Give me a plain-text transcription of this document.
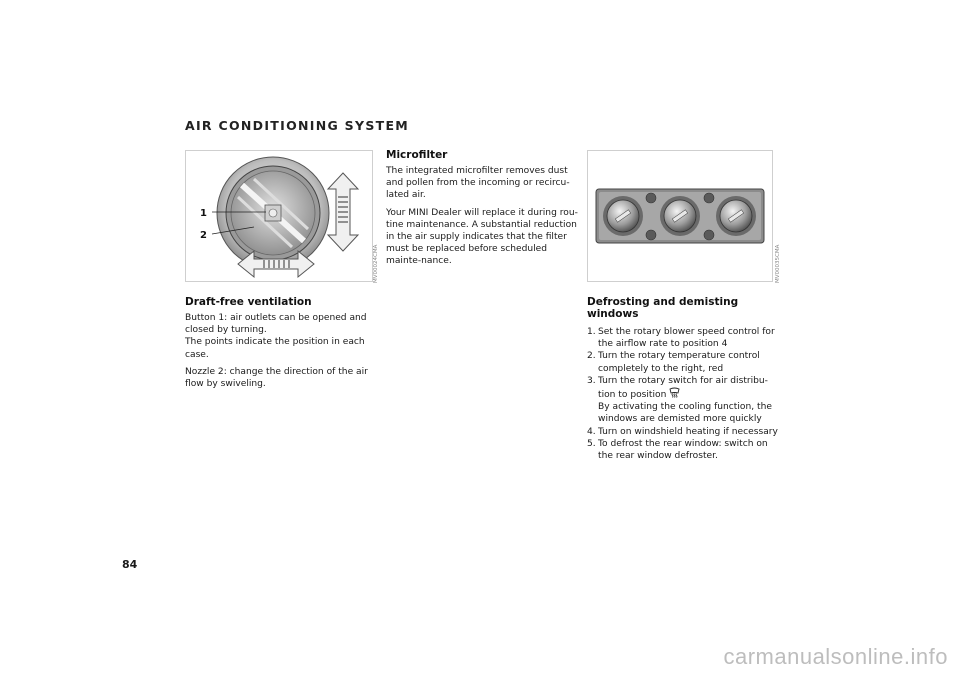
AIR CONDITIONING SYSTEM
1
2
MV00024CMA	MV00035CMA
Draft-free ventilation

Button 1: air outlets can be opened and closed by turning.

The points indicate the position in each case.

Nozzle 2: change the direction of the air flow by swiveling.

Microfilter

The integrated microfilter removes dust and pollen from the incoming or recircu-lated air.

Your MINI Dealer will replace it during rou-tine maintenance. A substantial reduction in the air supply indicates that the filter must be replaced before scheduled mainte-nance.

Defrosting and demisting windows
1. Set the rotary blower speed control for the airflow rate to position 4
2. Turn the rotary temperature control completely to the right, red
3. Turn the rotary switch for air distribu-tion to position
By activating the cooling function, the windows are demisted more quickly
4. Turn on windshield heating if necessary
5. To defrost the rear window: switch on the rear window defroster.
84
carmanualsonline.info
